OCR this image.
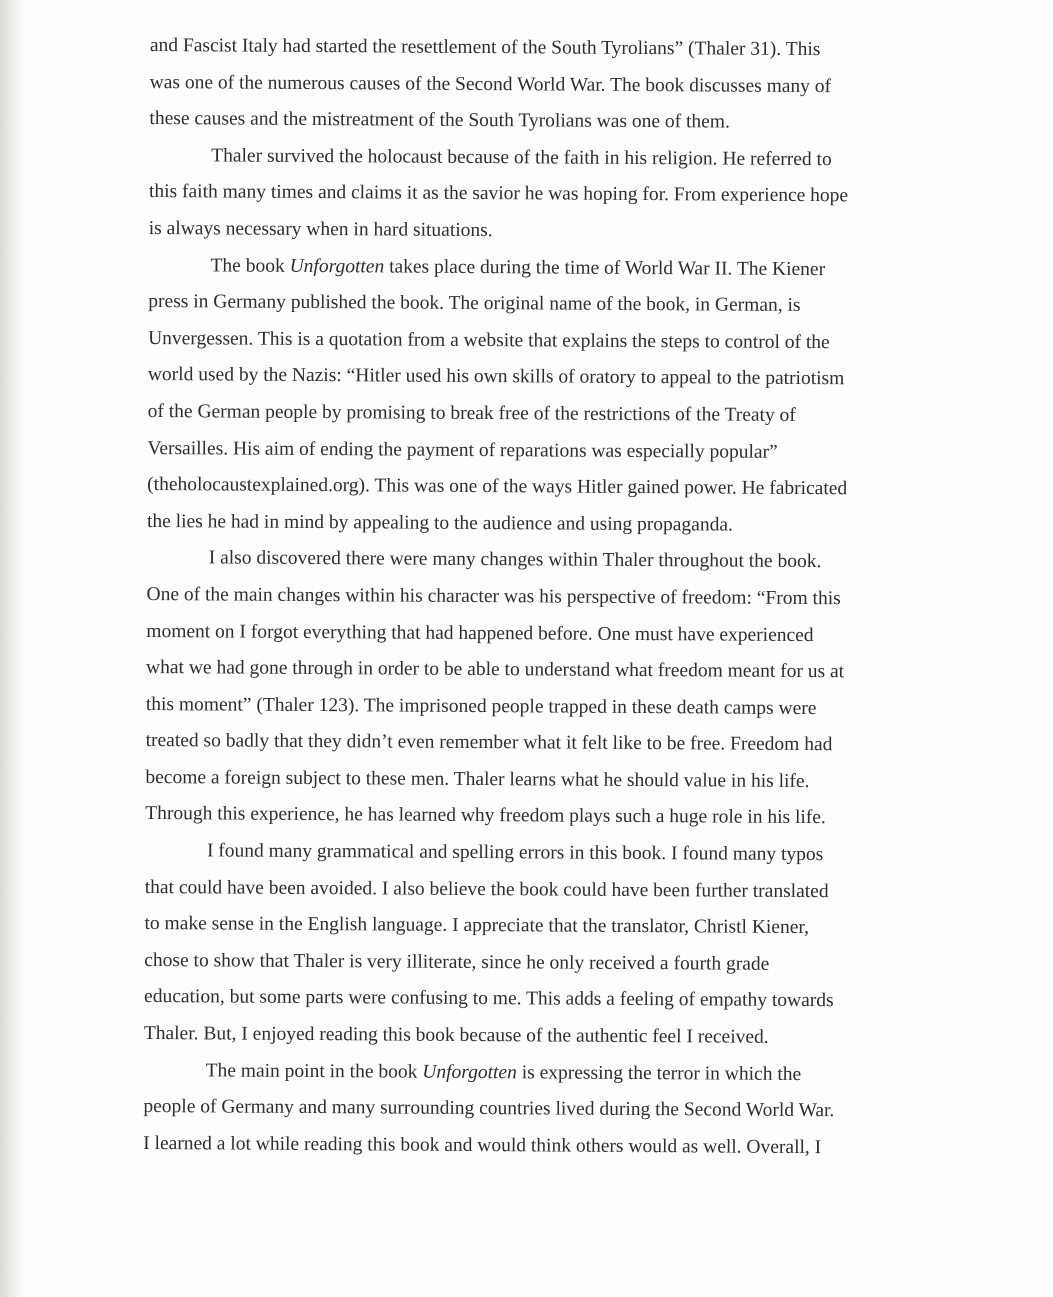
and Fascist Italy had started the resettlement of the South Tyrolians” (Thaler 31). This
was one of the numerous causes of the Second World War. The book discusses many of
these causes and the mistreatment of the South Tyrolians was one of them.
Thaler survived the holocaust because of the faith in his religion. He referred to
this faith many times and claims it as the savior he was hoping for. From experience hope
is always necessary when in hard situations.
The book Unforgotten takes place during the time of World War II. The Kiener
press in Germany published the book. The original name of the book, in German, is
Unvergessen. This is a quotation from a website that explains the steps to control of the
world used by the Nazis: “Hitler used his own skills of oratory to appeal to the patriotism
of the German people by promising to break free of the restrictions of the Treaty of
Versailles. His aim of ending the payment of reparations was especially popular”
(theholocaustexplained.org). This was one of the ways Hitler gained power. He fabricated
the lies he had in mind by appealing to the audience and using propaganda.
I also discovered there were many changes within Thaler throughout the book.
One of the main changes within his character was his perspective of freedom: “From this
moment on I forgot everything that had happened before. One must have experienced
what we had gone through in order to be able to understand what freedom meant for us at
this moment” (Thaler 123). The imprisoned people trapped in these death camps were
treated so badly that they didn’t even remember what it felt like to be free. Freedom had
become a foreign subject to these men. Thaler learns what he should value in his life.
Through this experience, he has learned why freedom plays such a huge role in his life.
I found many grammatical and spelling errors in this book. I found many typos
that could have been avoided. I also believe the book could have been further translated
to make sense in the English language. I appreciate that the translator, Christl Kiener,
chose to show that Thaler is very illiterate, since he only received a fourth grade
education, but some parts were confusing to me. This adds a feeling of empathy towards
Thaler. But, I enjoyed reading this book because of the authentic feel I received.
The main point in the book Unforgotten is expressing the terror in which the
people of Germany and many surrounding countries lived during the Second World War.
I learned a lot while reading this book and would think others would as well. Overall, I
